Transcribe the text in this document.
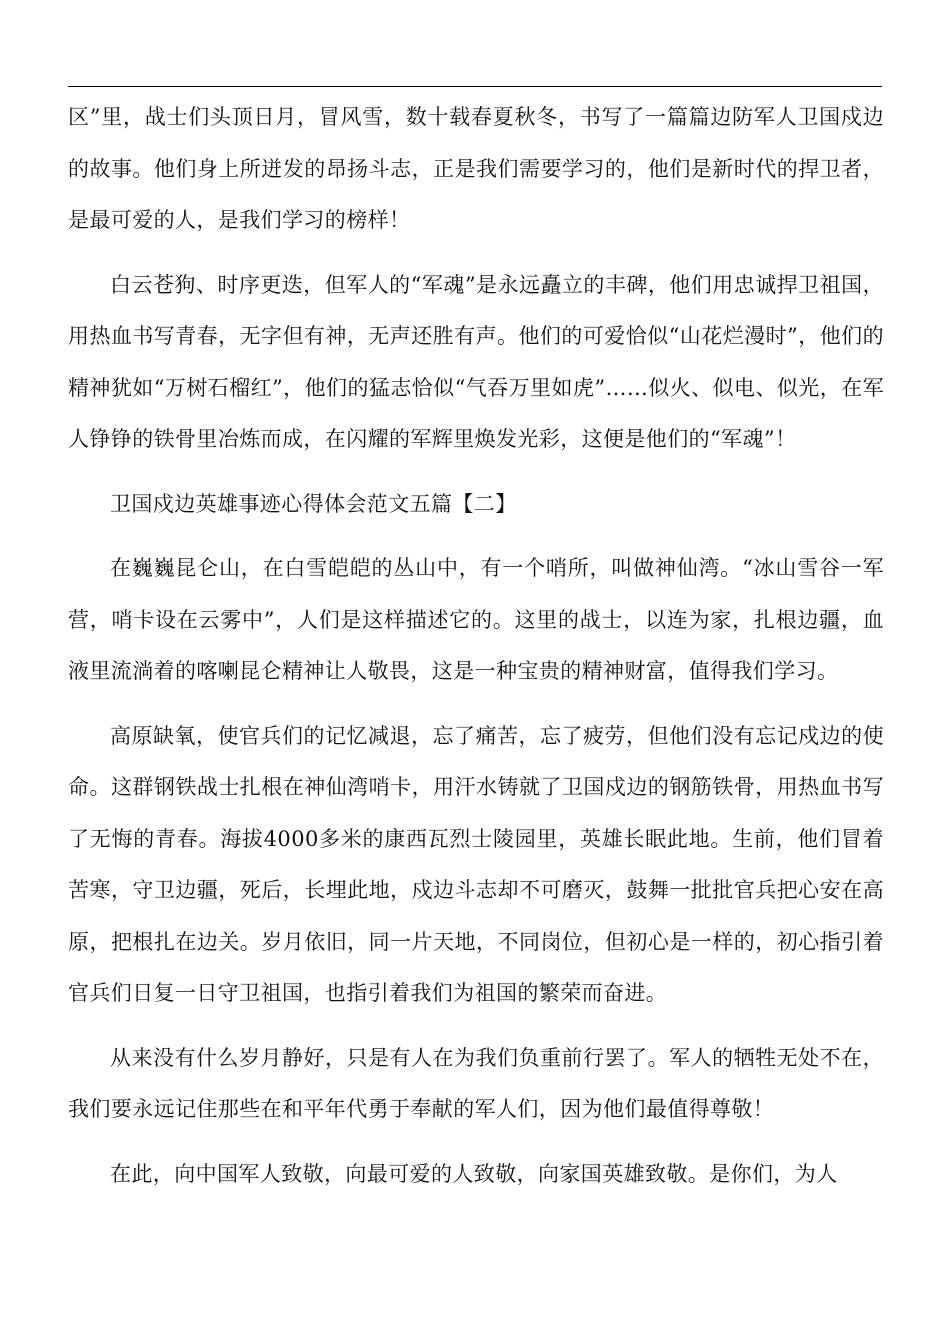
区”里，战士们头顶日月，冒风雪，数十载春夏秋冬，书写了一篇篇边防军人卫国戍边的故事。他们身上所迸发的昂扬斗志，正是我们需要学习的，他们是新时代的捍卫者，是最可爱的人，是我们学习的榜样！

白云苍狗、时序更迭，但军人的“军魂”是永远矗立的丰碑，他们用忠诚捍卫祖国，用热血书写青春，无字但有神，无声还胜有声。他们的可爱恰似“山花烂漫时”，他们的精神犹如“万树石榴红”，他们的猛志恰似“气吞万里如虎”……似火、似电、似光，在军人铮铮的铁骨里冶炼而成，在闪耀的军辉里焕发光彩，这便是他们的“军魂”！

卫国戍边英雄事迹心得体会范文五篇【二】

在巍巍昆仑山，在白雪皑皑的丛山中，有一个哨所，叫做神仙湾。“冰山雪谷一军营，哨卡设在云雾中”，人们是这样描述它的。这里的战士，以连为家，扎根边疆，血液里流淌着的喀喇昆仑精神让人敬畏，这是一种宝贵的精神财富，值得我们学习。

高原缺氧，使官兵们的记忆减退，忘了痛苦，忘了疲劳，但他们没有忘记戍边的使命。这群钢铁战士扎根在神仙湾哨卡，用汗水铸就了卫国戍边的钢筋铁骨，用热血书写了无悔的青春。海拔4000多米的康西瓦烈士陵园里，英雄长眠此地。生前，他们冒着苦寒，守卫边疆，死后，长埋此地，戍边斗志却不可磨灭，鼓舞一批批官兵把心安在高原，把根扎在边关。岁月依旧，同一片天地，不同岗位，但初心是一样的，初心指引着官兵们日复一日守卫祖国，也指引着我们为祖国的繁荣而奋进。

从来没有什么岁月静好，只是有人在为我们负重前行罢了。军人的牺牲无处不在，我们要永远记住那些在和平年代勇于奉献的军人们，因为他们最值得尊敬！

在此，向中国军人致敬，向最可爱的人致敬，向家国英雄致敬。是你们，为人
